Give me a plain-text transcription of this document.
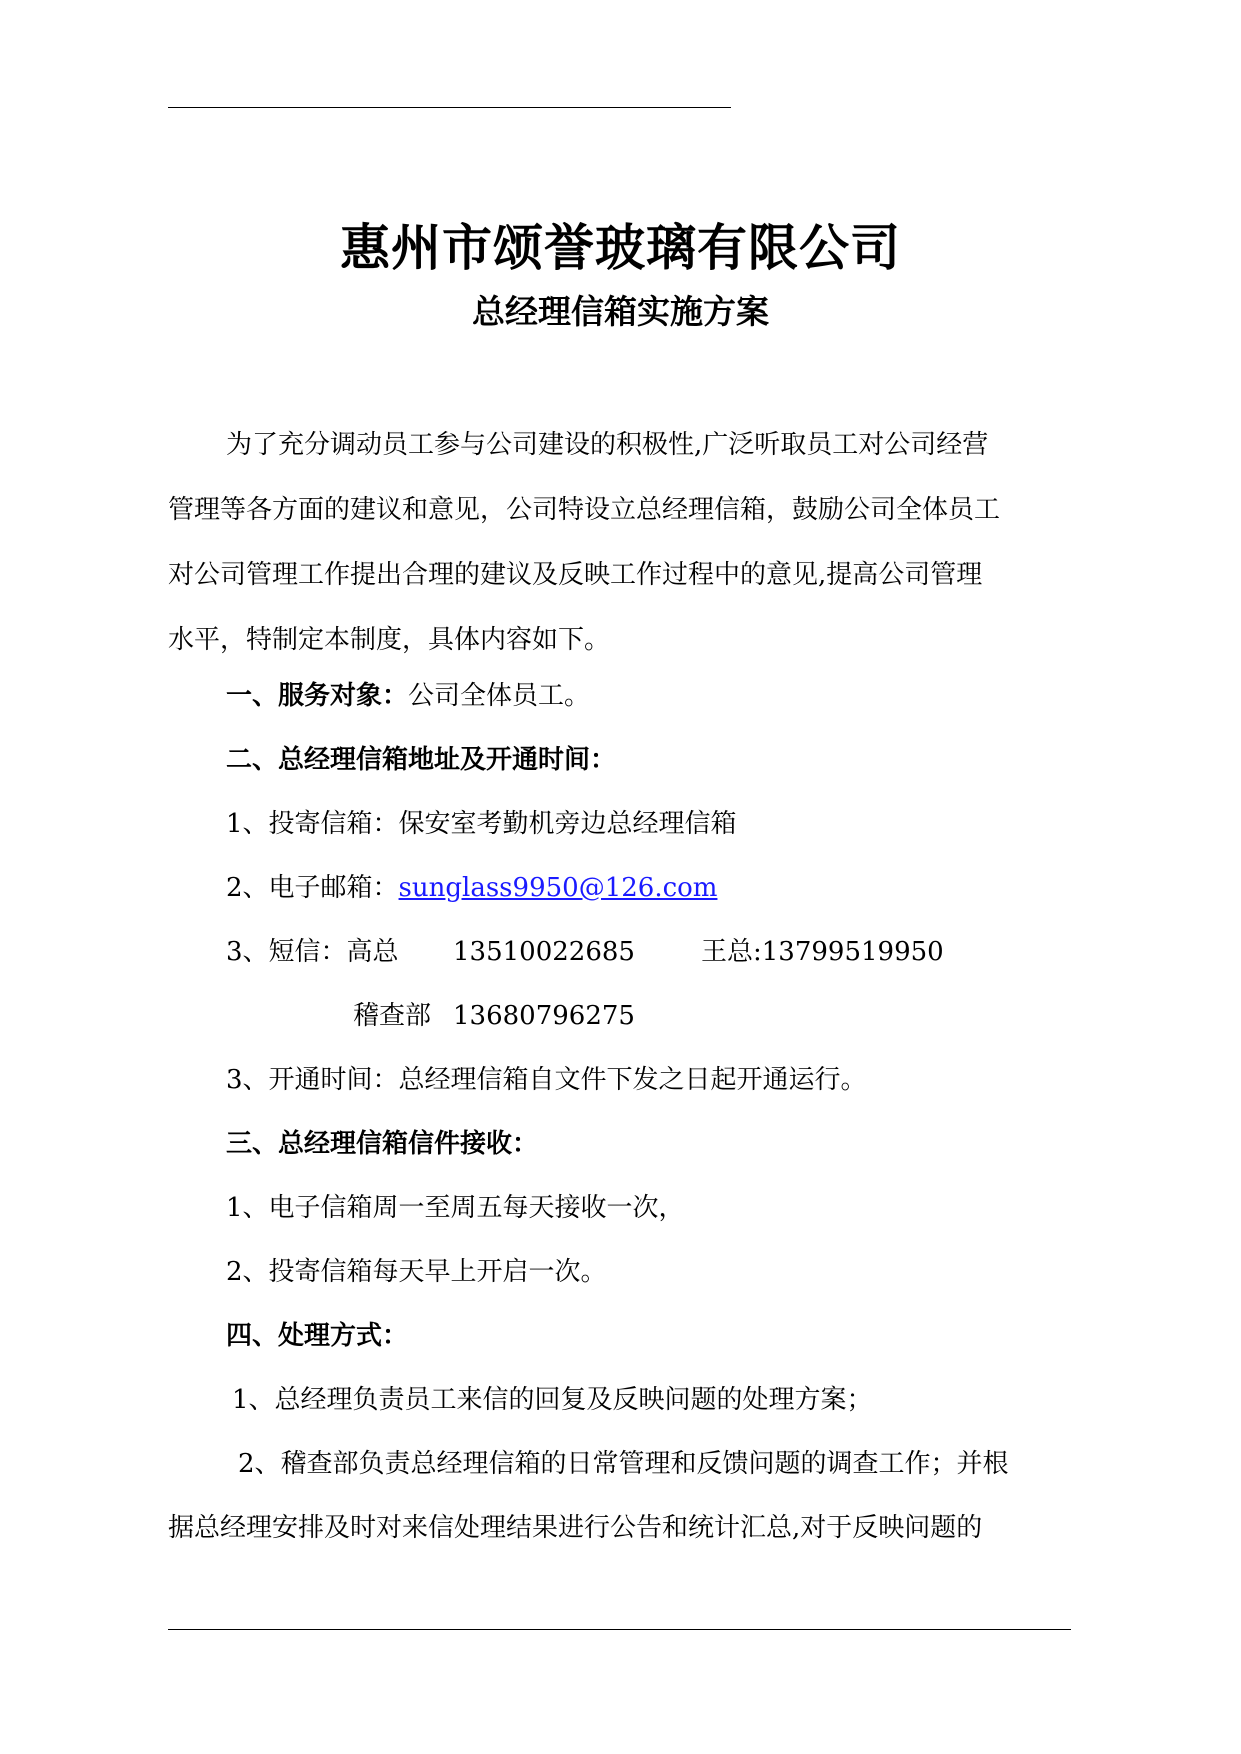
惠州市颂誉玻璃有限公司
总经理信箱实施方案
为了充分调动员工参与公司建设的积极性,广泛听取员工对公司经营
管理等各方面的建议和意见，公司特设立总经理信箱，鼓励公司全体员工
对公司管理工作提出合理的建议及反映工作过程中的意见,提高公司管理
水平，特制定本制度，具体内容如下。
一、服务对象：公司全体员工。
二、总经理信箱地址及开通时间：
1、投寄信箱：保安室考勤机旁边总经理信箱
2、电子邮箱：sunglass9950@126.com
3、短信：高总 13510022685	王总:13799519950
稽查部 13680796275
3、开通时间：总经理信箱自文件下发之日起开通运行。
三、总经理信箱信件接收：
1、电子信箱周一至周五每天接收一次，
2、投寄信箱每天早上开启一次。
四、处理方式：
1、总经理负责员工来信的回复及反映问题的处理方案；
2、稽查部负责总经理信箱的日常管理和反馈问题的调查工作；并根
据总经理安排及时对来信处理结果进行公告和统计汇总,对于反映问题的
